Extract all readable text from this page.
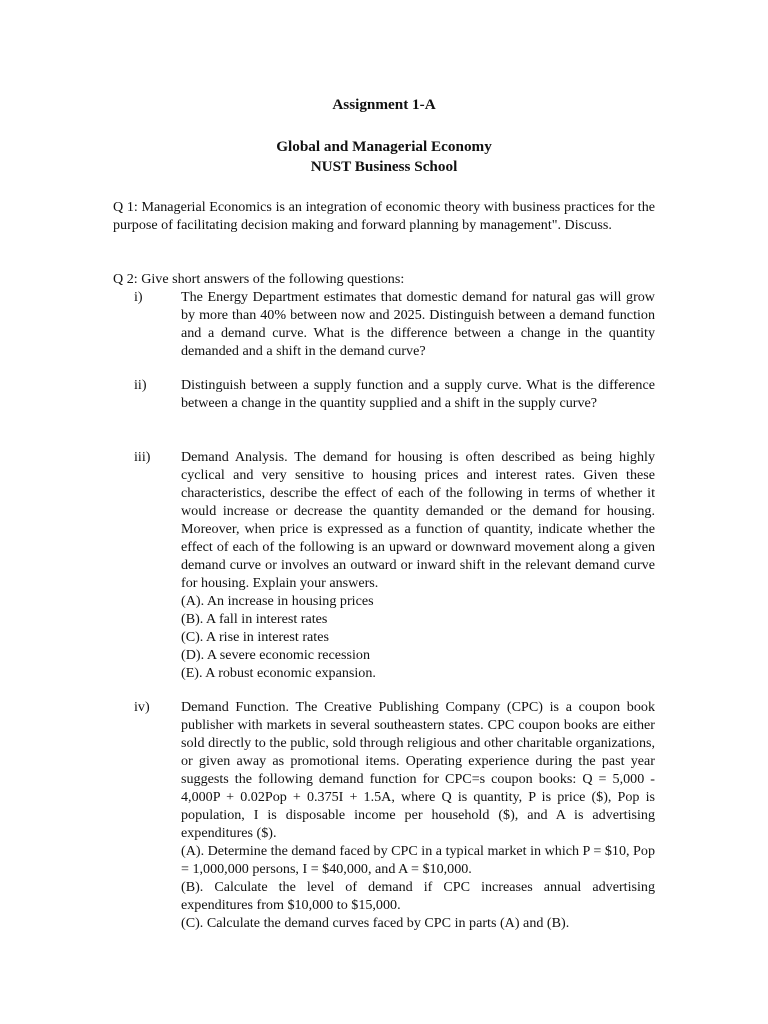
Assignment 1-A
Global and Managerial Economy
NUST Business School
Q 1: Managerial Economics is an integration of economic theory with business practices for the purpose of facilitating decision making and forward planning by management". Discuss.
Q 2: Give short answers of the following questions:
i)	The Energy Department estimates that domestic demand for natural gas will grow by more than 40% between now and 2025. Distinguish between a demand function and a demand curve. What is the difference between a change in the quantity demanded and a shift in the demand curve?

ii) Distinguish between a supply function and a supply curve. What is the difference between a change in the quantity supplied and a shift in the supply curve?

iii) Demand Analysis. The demand for housing is often described as being highly cyclical and very sensitive to housing prices and interest rates. Given these characteristics, describe the effect of each of the following in terms of whether it would increase or decrease the quantity demanded or the demand for housing. Moreover, when price is expressed as a function of quantity, indicate whether the effect of each of the following is an upward or downward movement along a given demand curve or involves an outward or inward shift in the relevant demand curve for housing. Explain your answers.

(A). An increase in housing prices

(B). A fall in interest rates

(C). A rise in interest rates

(D). A severe economic recession

(E). A robust economic expansion.

iv) Demand Function. The Creative Publishing Company (CPC) is a coupon book publisher with markets in several southeastern states. CPC coupon books are either sold directly to the public, sold through religious and other charitable organizations, or given away as promotional items. Operating experience during the past year suggests the following demand function for CPC=s coupon books: Q = 5,000 - 4,000P + 0.02Pop + 0.375I + 1.5A, where Q is quantity, P is price ($), Pop is population, I is disposable income per household ($), and A is advertising expenditures ($).

(A). Determine the demand faced by CPC in a typical market in which P = $10, Pop = 1,000,000 persons, I = $40,000, and A = $10,000.

(B). Calculate the level of demand if CPC increases annual advertising expenditures from $10,000 to $15,000.

(C). Calculate the demand curves faced by CPC in parts (A) and (B).
